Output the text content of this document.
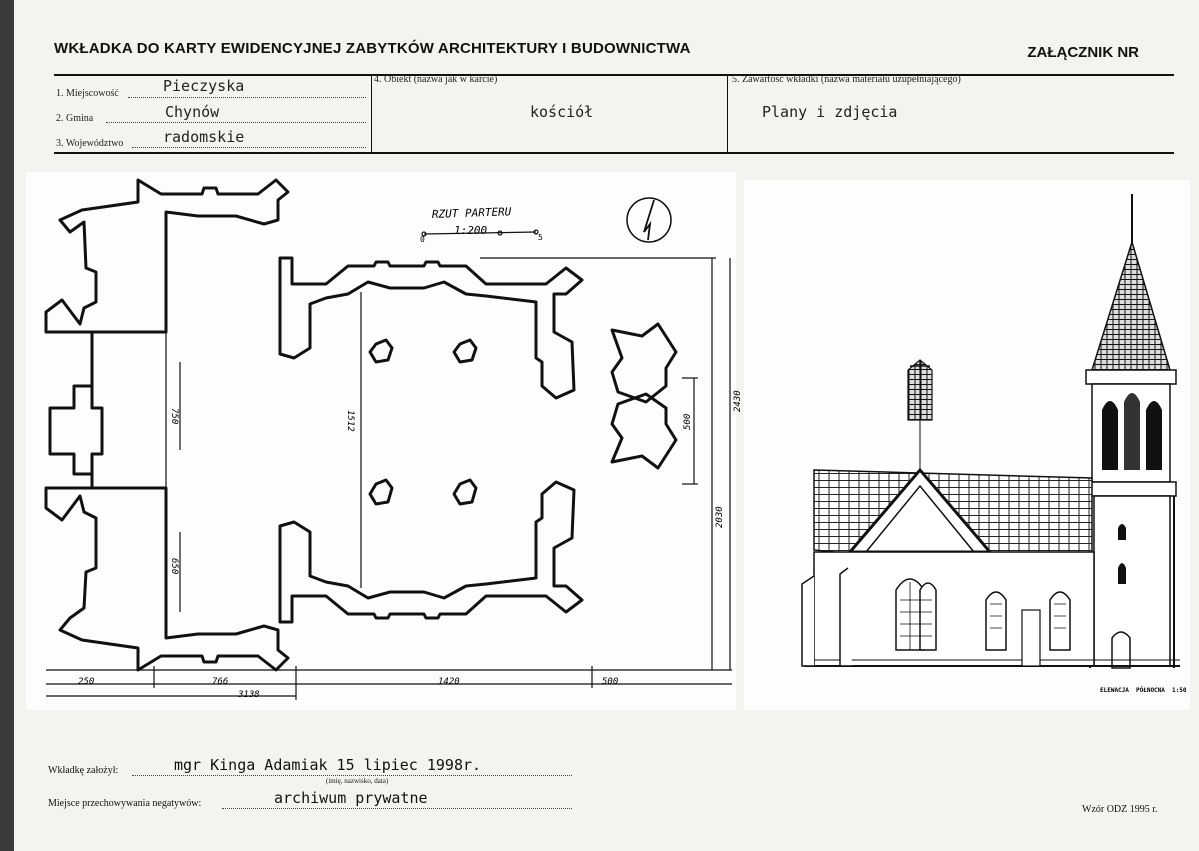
WKŁADKA DO KARTY EWIDENCYJNEJ ZABYTKÓW ARCHITEKTURY I BUDOWNICTWA	ZAŁĄCZNIK NR
1. Miejscowość	Pieczyska
2. Gmina	Chynów
3. Województwo	radomskie
4. Obiekt (nazwa jak w karcie)
kościół
5. Zawartość wkładki (nazwa materiału uzupełniającego)
Plany i zdjęcia
RZUT PARTERU
1:200
0	5
250	766
3138
1420	500
750
650
1512	500
2430
2030
ELEWACJA PÓŁNOCNA 1:50
Wkładkę założył:	mgr Kinga Adamiak 15 lipiec 1998r.
(imię, nazwisko, data)
Miejsce przechowywania negatywów:	archiwum prywatne
Wzór ODZ 1995 r.
